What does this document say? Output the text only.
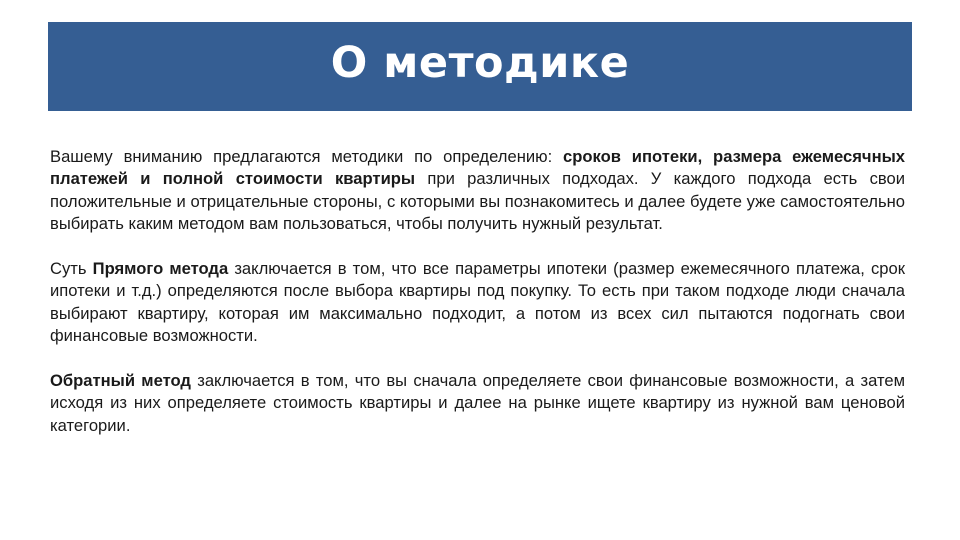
О методике

Вашему вниманию предлагаются методики по определению: сроков ипотеки, размера ежемесячных платежей и полной стоимости квартиры при различных подходах. У каждого подхода есть свои положительные и отрицательные стороны, с которыми вы познакомитесь и далее будете уже самостоятельно выбирать каким методом вам пользоваться, чтобы получить нужный результат.

Суть Прямого метода заключается в том, что все параметры ипотеки (размер ежемесячного платежа, срок ипотеки и т.д.) определяются после выбора квартиры под покупку. То есть при таком подходе люди сначала выбирают квартиру, которая им максимально подходит, а потом из всех сил пытаются подогнать свои финансовые возможности.

Обратный метод заключается в том, что вы сначала определяете свои финансовые возможности, а затем исходя из них определяете стоимость квартиры и далее на рынке ищете квартиру из нужной вам ценовой категории.
